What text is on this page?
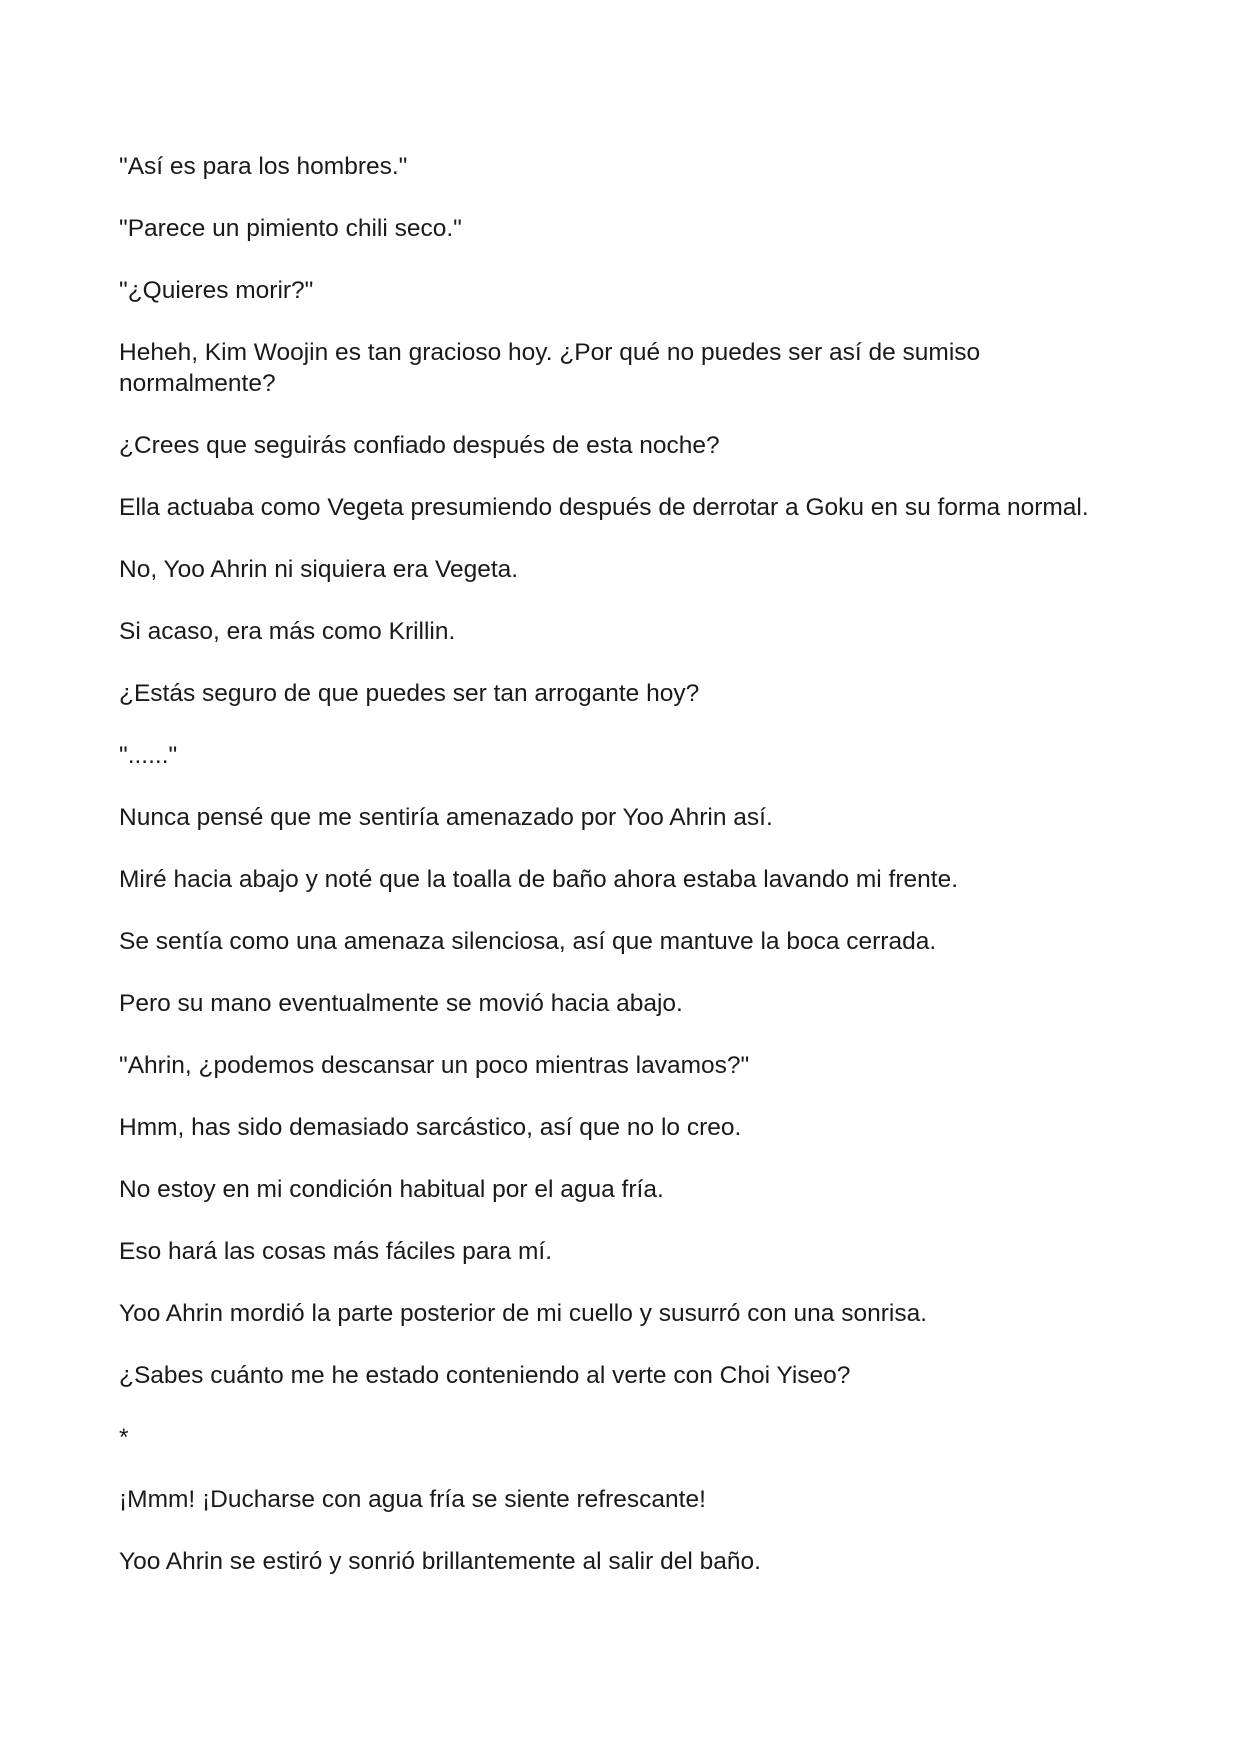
"Así es para los hombres."

"Parece un pimiento chili seco."

"¿Quieres morir?"

Heheh, Kim Woojin es tan gracioso hoy. ¿Por qué no puedes ser así de sumiso normalmente?

¿Crees que seguirás confiado después de esta noche?

Ella actuaba como Vegeta presumiendo después de derrotar a Goku en su forma normal.

No, Yoo Ahrin ni siquiera era Vegeta.

Si acaso, era más como Krillin.

¿Estás seguro de que puedes ser tan arrogante hoy?

"......"

Nunca pensé que me sentiría amenazado por Yoo Ahrin así.

Miré hacia abajo y noté que la toalla de baño ahora estaba lavando mi frente.

Se sentía como una amenaza silenciosa, así que mantuve la boca cerrada.

Pero su mano eventualmente se movió hacia abajo.

"Ahrin, ¿podemos descansar un poco mientras lavamos?"

Hmm, has sido demasiado sarcástico, así que no lo creo.

No estoy en mi condición habitual por el agua fría.

Eso hará las cosas más fáciles para mí.

Yoo Ahrin mordió la parte posterior de mi cuello y susurró con una sonrisa.

¿Sabes cuánto me he estado conteniendo al verte con Choi Yiseo?

*

¡Mmm! ¡Ducharse con agua fría se siente refrescante!

Yoo Ahrin se estiró y sonrió brillantemente al salir del baño.
